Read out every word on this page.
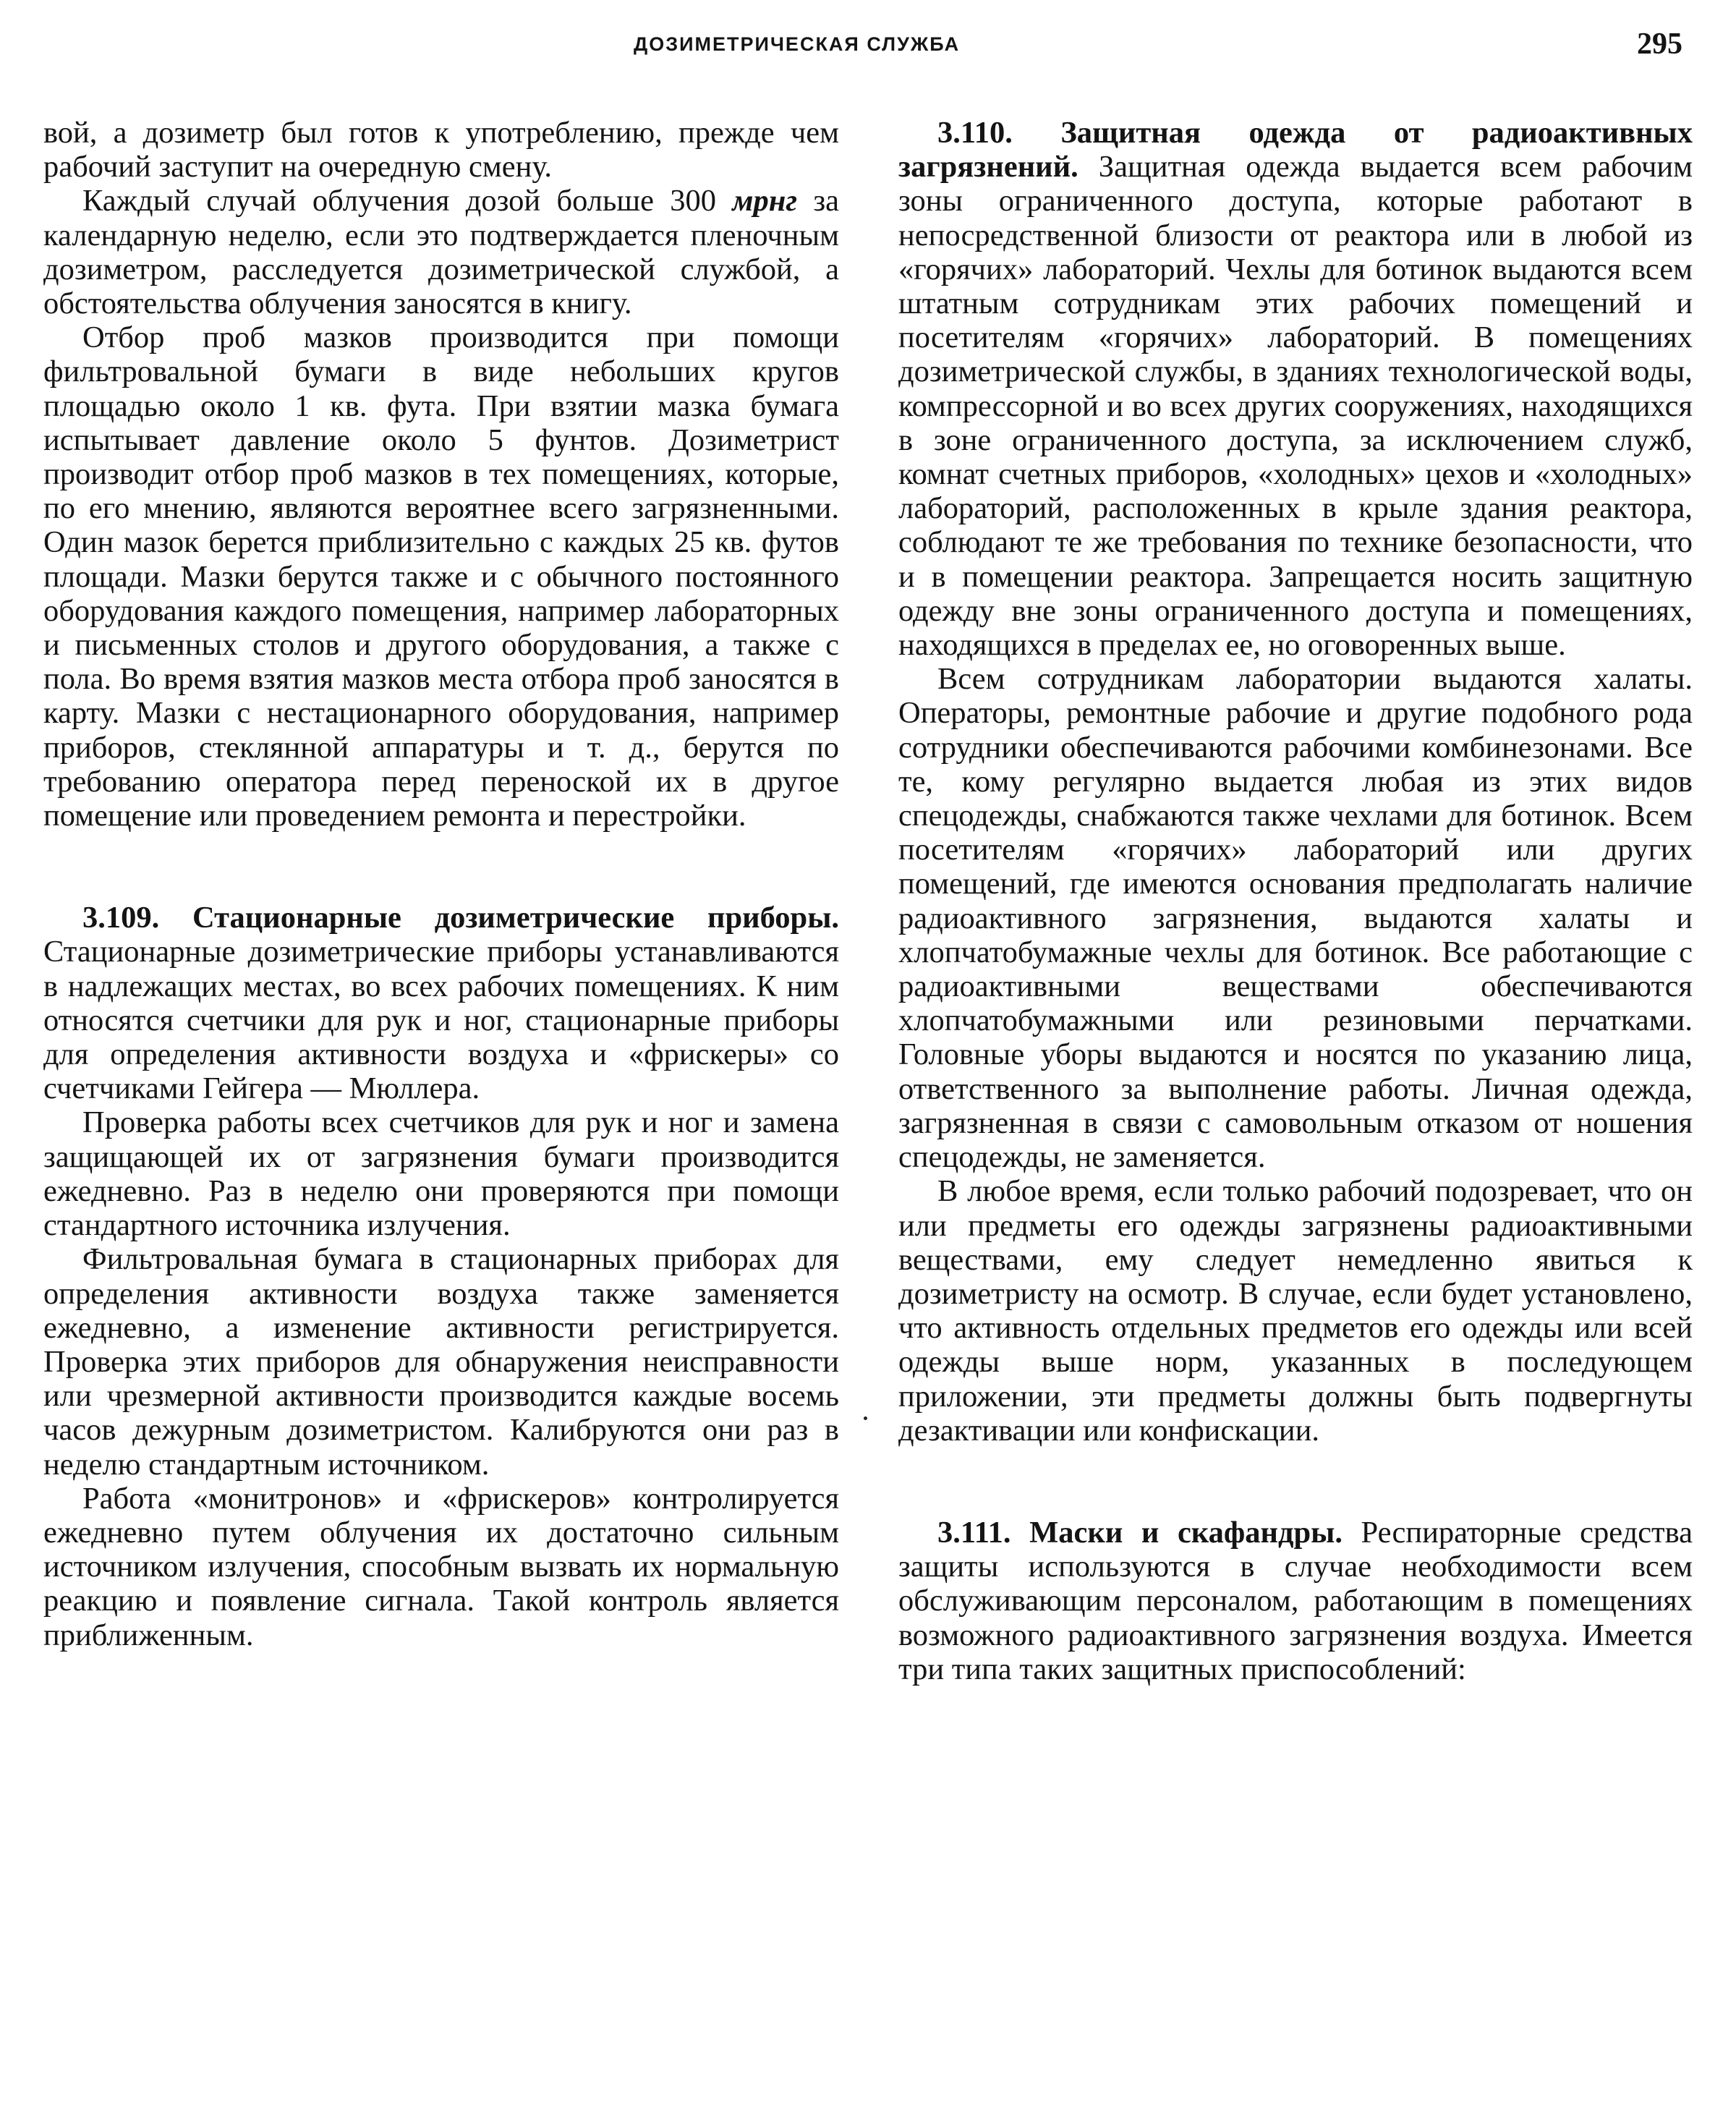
ДОЗИМЕТРИЧЕСКАЯ СЛУЖБА	295

вой, а дозиметр был готов к употреблению, прежде чем рабочий заступит на очередную смену.

Каждый случай облучения дозой больше 300 мрнг за календарную неделю, если это подтверждается пленочным дозиметром, расследуется дозиметрической службой, а обстоятельства облучения заносятся в книгу.

Отбор проб мазков производится при помощи фильтровальной бумаги в виде небольших кругов площадью около 1 кв. фута. При взятии мазка бумага испытывает давление около 5 фунтов. Дозиметрист производит отбор проб мазков в тех помещениях, которые, по его мнению, являются вероятнее всего загрязненными. Один мазок берется приблизительно с каждых 25 кв. футов площади. Мазки берутся также и с обычного постоянного оборудования каждого помещения, например лабораторных и письменных столов и другого оборудования, а также с пола. Во время взятия мазков места отбора проб заносятся в карту. Мазки с нестационарного оборудования, например приборов, стеклянной аппаратуры и т. д., берутся по требованию оператора перед переноской их в другое помещение или проведением ремонта и перестройки.

3.109. Стационарные дозиметрические приборы. Стационарные дозиметрические приборы устанавливаются в надлежащих местах, во всех рабочих помещениях. К ним относятся счетчики для рук и ног, стационарные приборы для определения активности воздуха и «фрискеры» со счетчиками Гейгера — Мюллера.

Проверка работы всех счетчиков для рук и ног и замена защищающей их от загрязнения бумаги производится ежедневно. Раз в неделю они проверяются при помощи стандартного источника излучения.

Фильтровальная бумага в стационарных приборах для определения активности воздуха также заменяется ежедневно, а изменение активности регистрируется. Проверка этих приборов для обнаружения неисправности или чрезмерной активности производится каждые восемь часов дежурным дозиметристом. Калибруются они раз в неделю стандартным источником.

Работа «монитронов» и «фрискеров» контролируется ежедневно путем облучения их достаточно сильным источником излучения, способным вызвать их нормальную реакцию и появление сигнала. Такой контроль является приближенным.

3.110. Защитная одежда от радиоактивных загрязнений. Защитная одежда выдается всем рабочим зоны ограниченного доступа, которые работают в непосредственной близости от реактора или в любой из «горячих» лабораторий. Чехлы для ботинок выдаются всем штатным сотрудникам этих рабочих помещений и посетителям «горячих» лабораторий. В помещениях дозиметрической службы, в зданиях технологической воды, компрессорной и во всех других сооружениях, находящихся в зоне ограниченного доступа, за исключением служб, комнат счетных приборов, «холодных» цехов и «холодных» лабораторий, расположенных в крыле здания реактора, соблюдают те же требования по технике безопасности, что и в помещении реактора. Запрещается носить защитную одежду вне зоны ограниченного доступа и помещениях, находящихся в пределах ее, но оговоренных выше.

Всем сотрудникам лаборатории выдаются халаты. Операторы, ремонтные рабочие и другие подобного рода сотрудники обеспечиваются рабочими комбинезонами. Все те, кому регулярно выдается любая из этих видов спецодежды, снабжаются также чехлами для ботинок. Всем посетителям «горячих» лабораторий или других помещений, где имеются основания предполагать наличие радиоактивного загрязнения, выдаются халаты и хлопчатобумажные чехлы для ботинок. Все работающие с радиоактивными веществами обеспечиваются хлопчатобумажными или резиновыми перчатками. Головные уборы выдаются и носятся по указанию лица, ответственного за выполнение работы. Личная одежда, загрязненная в связи с самовольным отказом от ношения спецодежды, не заменяется.

В любое время, если только рабочий подозревает, что он или предметы его одежды загрязнены радиоактивными веществами, ему следует немедленно явиться к дозиметристу на осмотр. В случае, если будет установлено, что активность отдельных предметов его одежды или всей одежды выше норм, указанных в последующем приложении, эти предметы должны быть подвергнуты дезактивации или конфискации.

3.111. Маски и скафандры. Респираторные средства защиты используются в случае необходимости всем обслуживающим персоналом, работающим в помещениях возможного радиоактивного загрязнения воздуха. Имеется три типа таких защитных приспособлений:
